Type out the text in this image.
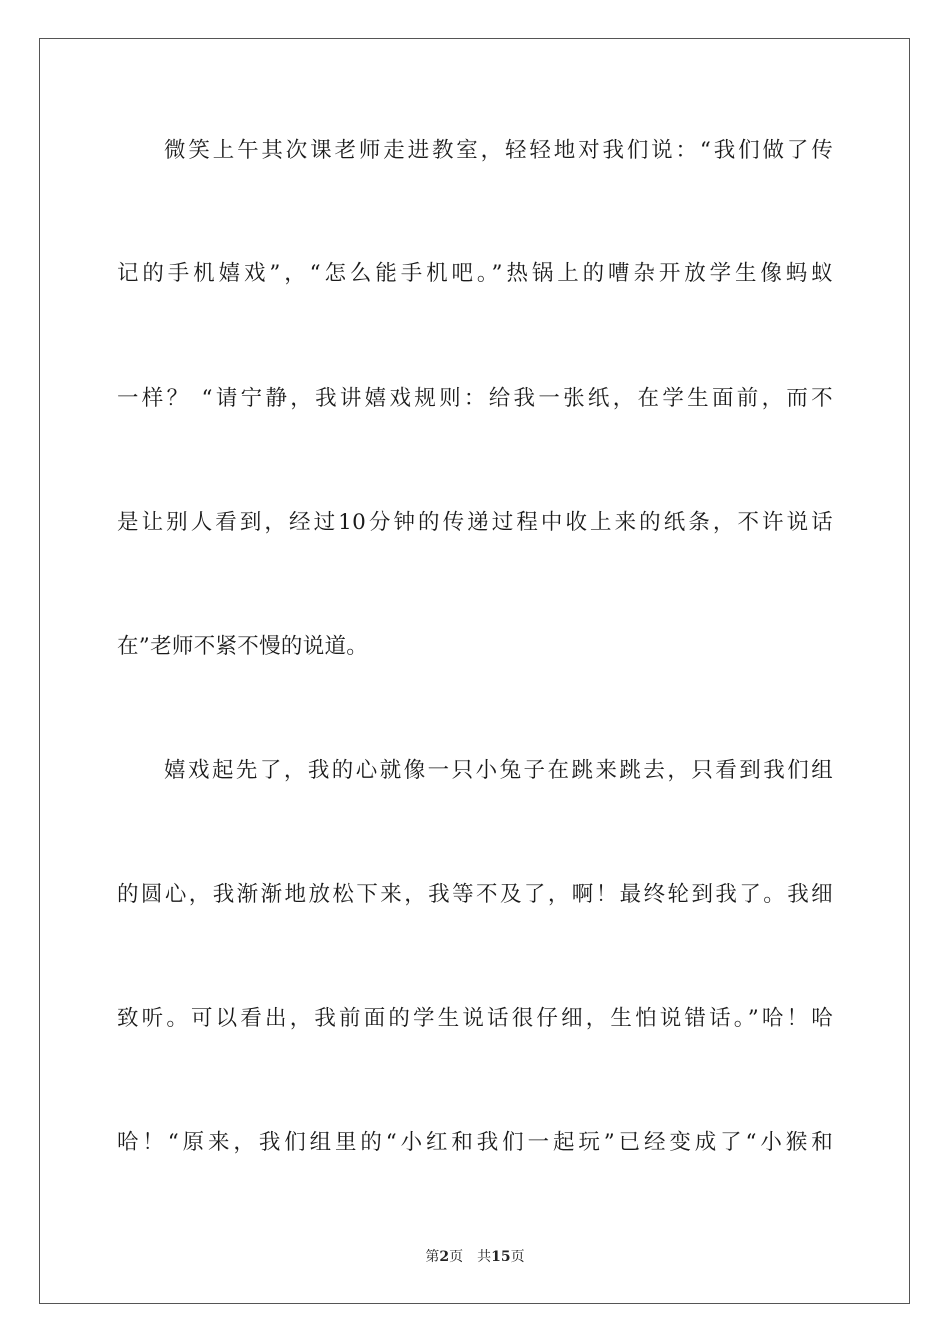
微笑上午其次课老师走进教室，轻轻地对我们说：“我们做了传
记的手机嬉戏”，“怎么能手机吧。”热锅上的嘈杂开放学生像蚂蚁
一样？ “请宁静，我讲嬉戏规则：给我一张纸，在学生面前，而不
是让别人看到，经过10分钟的传递过程中收上来的纸条，不许说话
在”老师不紧不慢的说道。
嬉戏起先了，我的心就像一只小兔子在跳来跳去，只看到我们组
的圆心，我渐渐地放松下来，我等不及了，啊！最终轮到我了。我细
致听。可以看出，我前面的学生说话很仔细，生怕说错话。”哈！哈
哈！“原来，我们组里的“小红和我们一起玩”已经变成了“小猴和
第2页 共15页
